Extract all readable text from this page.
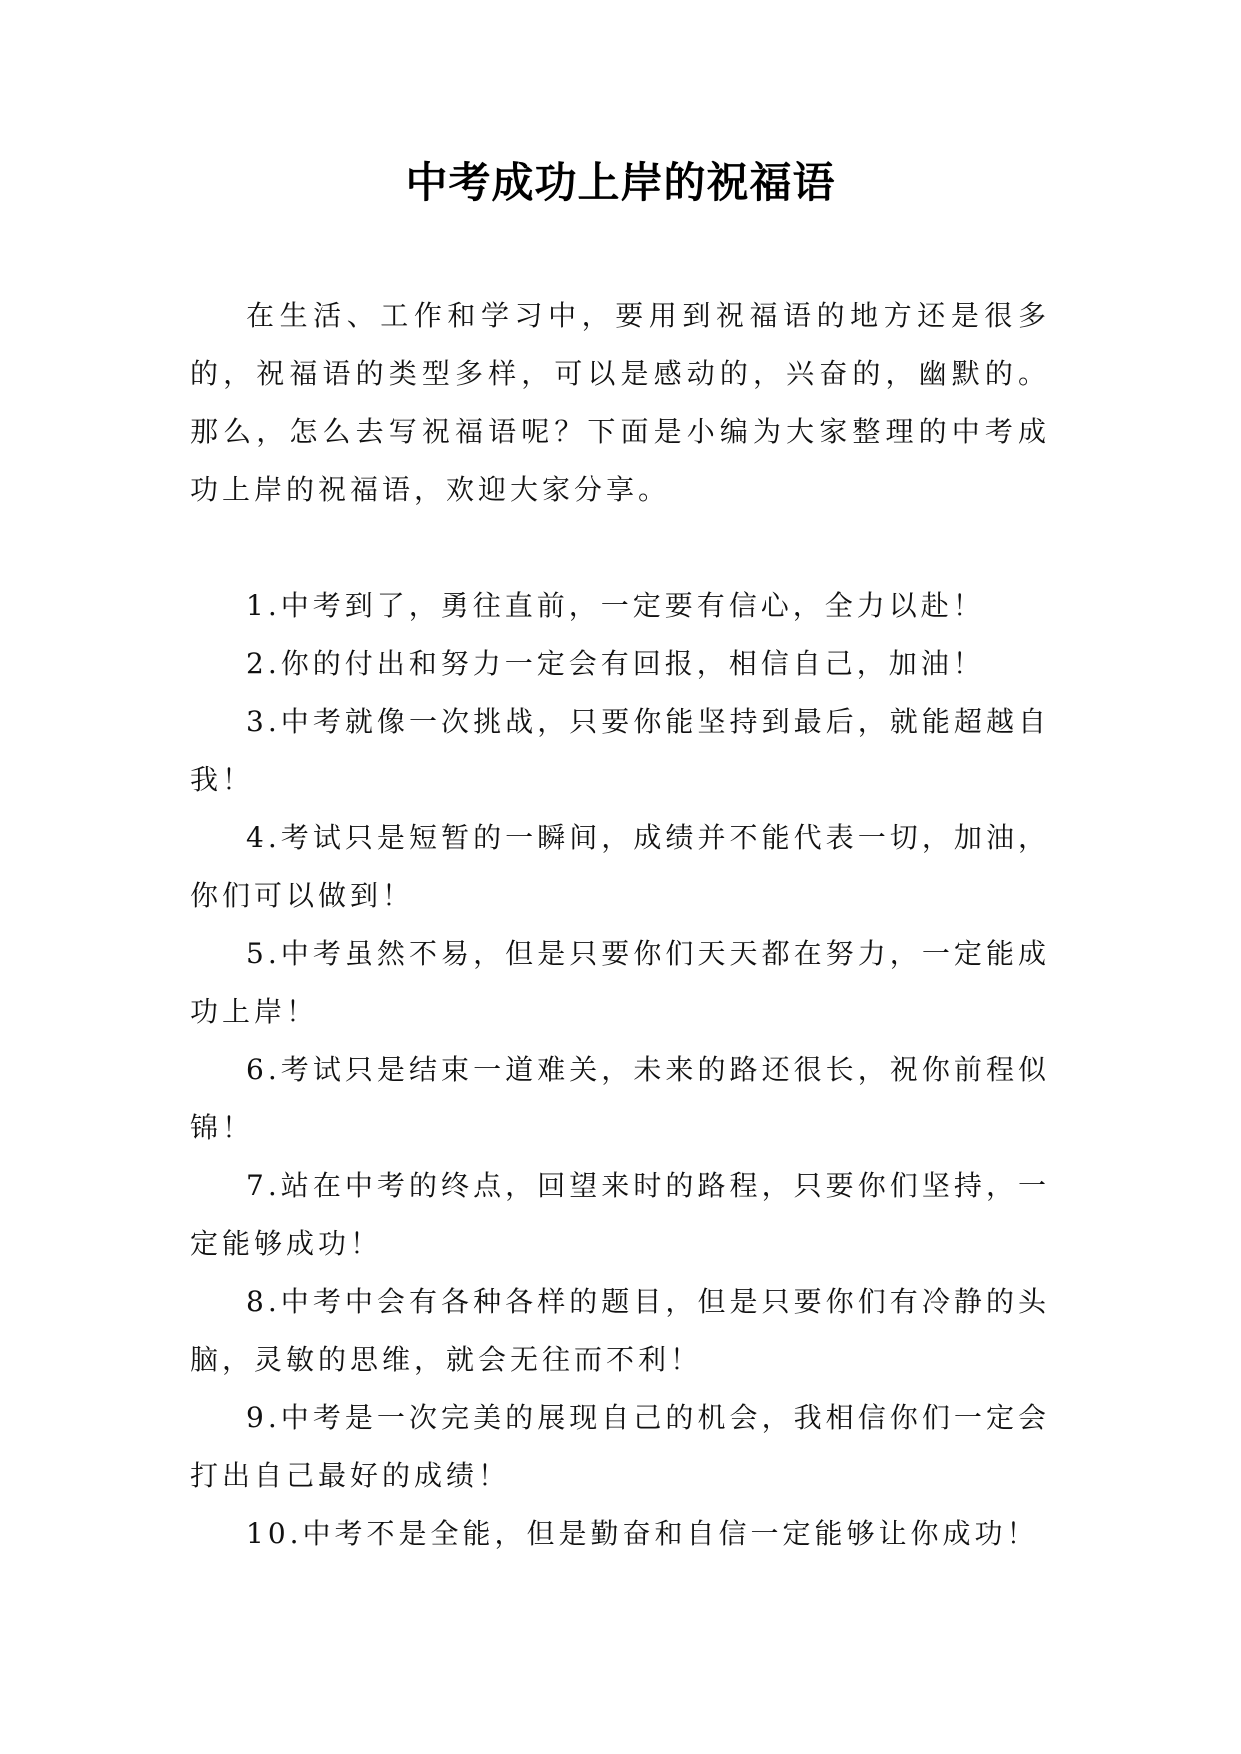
中考成功上岸的祝福语

在生活、工作和学习中，要用到祝福语的地方还是很多的，祝福语的类型多样，可以是感动的，兴奋的，幽默的。那么，怎么去写祝福语呢？下面是小编为大家整理的中考成功上岸的祝福语，欢迎大家分享。

1.中考到了，勇往直前，一定要有信心，全力以赴！

2.你的付出和努力一定会有回报，相信自己，加油！

3.中考就像一次挑战，只要你能坚持到最后，就能超越自我！

4.考试只是短暂的一瞬间，成绩并不能代表一切，加油，你们可以做到！

5.中考虽然不易，但是只要你们天天都在努力，一定能成功上岸！

6.考试只是结束一道难关，未来的路还很长，祝你前程似锦！

7.站在中考的终点，回望来时的路程，只要你们坚持，一定能够成功！

8.中考中会有各种各样的题目，但是只要你们有冷静的头脑，灵敏的思维，就会无往而不利！

9.中考是一次完美的展现自己的机会，我相信你们一定会打出自己最好的成绩！

10.中考不是全能，但是勤奋和自信一定能够让你成功！
